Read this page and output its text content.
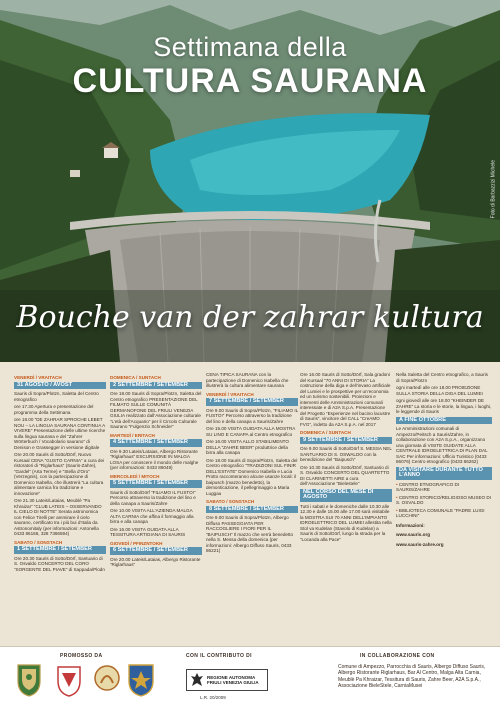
Settimana della
CULTURA SAURANA
Bouche van der zahrar kultura
Foto di Barbazzizi Michele
VENERDÌ / VRAITACH
31 AGOSTO / AVOST
Sauris di Sopra/Plotzn, Saletta del Centro etnografico
ore 17.30 Apertura e presentazione del programma della Settimana
ore 18.00 “DE ZAHRAR SPROCHE LEBET NOU – LA LINGUA SAURANA CONTINUA A VIVERE” Presentazione delle ultime ricerche sulla lingua saurana e del “Zahrer Wörterbuch / Vocabolario saurano” di Denison e Grassegger in versione digitale
Ore 20.00 Sauris di Sotto/Dörf, Nuovo Kursaal CENA “GUSTO CARNIA” a cura dei ristoratori di “Riglarhaus” (Sauris-Zahre), “Gardel” (Arta Terme) e “Stella d’Oro” (Verzegnis), con la partecipazione di Domenico Isabella, che illustrerà “La cultura alimentare carnica fra tradizione e innovazione”
Ore 21.30 Lateis/Lataias, Meublè “Pa Khraizar” “CLUB LATEIS – OSSERVANDO IL CIELO DI NOTTE” Serata astronomica con Felice Tirelli per ammirare il cielo saurano, certificato tra i più bui d’Italia da Astronomitaly (per informazioni: Antonella 0433 86166, 328 7366594)
SABATO / SONSTACH
1 SETTEMBRE / SETEMBER
Ore 20.30 Sauris di Sotto/Dörf, Santuario di S. Osvaldo CONCERTO DEL CORO “SORGENTE DEL PIAVE” di Sappada/Plodn
DOMENICA / SUNTACH
2 SETTEMBRE / SETEMBER
Ore 18.00 Sauris di Sopra/Plotzn, Saletta del Centro etnografico PRESENTAZIONE DEL FILMATO SULLE COMUNITÀ GERMANOFONE DEL FRIULI VENEZIA GIULIA realizzato dall’Associazione culturale “L’età dell’Acquario” per il Circolo Culturale Saurano “Fulgenzio Schneider”
MARTEDÌ / ERITACH
4 SETTEMBRE / SETEMBER
Ore 9.30 Lateis/Lataias, Albergo Ristorante “Riglarhaus” ESCURSIONE IN MALGA LOSA per conoscere il mondo delle malghe (per informazioni: 0433 86049)
MERCOLEDÌ / MITOCH
5 SETTEMBRE / SETEMBER
Sauris di Sotto/Dörf “FILIAMO IL FUSTO!” Percorso attraverso la tradizione del lino e della canapa a Sauris/Zahre
Ore 10.00 VISITA ALL’AZIENDA MALGA ALTA CARNIA che affina il formaggio alla birra e alla canapa
Ore 16.00 VISITA GUIDATA ALLA TESSITURA ARTIGIANA DI SAURIS
GIOVEDÌ / PFINZNTOKH
6 SETTEMBRE / SETEMBER
Ore 20.00 Lateis/Lataias, Albergo Ristorante “Riglarhaus”
CENA TIPICA SAURANA con la partecipazione di Domenico Isabella che illustrerà la cultura alimentare saurana
VENERDÌ / VRAITACH
7 SETTEMBRE / SETEMBER
Ore 9.00 Sauris di Sopra/Plotzn, “FILIAMO IL FUSTO!” Percorso attraverso la tradizione del lino e della canapa a Sauris/Zahre
Ore 15.00 VISITA GUIDATA ALLA MOSTRA SU LINO E CANAPA al Centro etnografico
Ore 16.00 VISITA ALLO STABILIMENTO DELLA “ZAHRE BEER” produttrice della birra alla canapa
Ore 18.00 Sauris di Sopra/Plotzn, Saletta del Centro etnografico “TRADIZIONI SUL FINIR DELL’ESTATE” Domenico Isabella e Lucia Protto racconteranno alcune usanze locali: il baipusch (mazzo benedetto), la demonticazione, il pellegrinaggio a Maria Luggau
SABATO / SONSTACH
8 SETTEMBRE / SETEMBER
Ore 9.00 Sauris di Sopra/Plotzn, Albergo Diffuso PASSEGGIATA PER RACCOGLIERE I FIORI PER IL “BAIPUSCH” Il mazzo che verrà benedetto nella S. Messa della domenica (per informazioni: Albergo Diffuso Sauris, 0433 86221)
Ore 16.00 Sauris di Sotto/Dörf, Sala gradoni del Kursaal “70 ANNI DI STORIA” La costruzione della diga e dell’invaso artificiale del Lumiei e le prospettive per un’economia ed un turismo sostenibili. Proiezioni e interventi delle Amministrazioni comunali interessate e di A2A S.p.A. Presentazione del Progetto “Esperienze nel bacino lacustre di Sauris”, vincitore del CALL “CreAMO FVG”, indetto da A2A S.p.A. nel 2017
DOMENICA / SUNTACH
9 SETTEMBRE / SETEMBER
Ore 9.00 Sauris di Sotto/Dörf S. MESSA NEL SANTUARIO DI S. OSWALDO con la benedizione del “Baipusch”
Ore 10.30 Sauris di Sotto/Dörf, Santuario di S. Osvaldo CONCERTO DEL QUARTETTO DI CLARINETTI AIRE a cura dell’Associazione “Bielestele”
NEL CORSO DEL MESE DI AGOSTO
Tutti i sabati e le domeniche dalle 10.30 alle 12.30 e dalle 15.00 alle 17.00 sarà visitabile la MOSTRA SUI 70 ANNI DELL’IMPIANTO IDROELETTRICO DEL LUMIEI allestita nella Stol va Kudelan (Stavolo di Kudelan) a Sauris di Sotto/Dörf, lungo la strada per la “Locanda alla Pace”
Nella Saletta del Centro etnografico, a Sauris di Sopra/Plotzn
ogni martedì alle ore 18.00 PROIEZIONE SULLA STORIA DELLA DIGA DEL LUMIEI
ogni giovedì alle ore 18.00 “KHEINDER DE ZAHRE” La storia e le storie, la lingua, i luoghi, le leggende di Sauris
A FINE OTTOBRE
Le Amministrazioni comunali di Ampezzo/Peitsch a Sauris/Zahre, in collaborazione con A2A S.p.A., organizzano una giornata di VISITE GUIDATE ALLA CENTRALE IDROELETTRICA DI PLAN DAL SAC Per informazioni: Ufficio Turistico (0433 86076) Centro etnografico (0433 86262)
DA VISITARE DURANTE TUTTO L’ANNO
• CENTRO ETNOGRAFICO DI SAURIS/ZAHRE
• CENTRO STORICO/RELIGIOSO MUSEO DI S. OSVALDO
• BIBLIOTECA COMUNALE “PADRE LUIGI LUCCHINI”
Informazioni:
www.sauris.org
www.sauris-zahre.org
PROMOSSO DA	CON IL CONTRIBUTO DI	IN COLLABORAZIONE CON
REGIONE AUTONOMA
FRIULI VENEZIA GIULIA
L.R. 20/2009
Comune di Ampezzo, Parrocchia di Sauris, Albergo Diffuso Sauris, Albergo Ristorante Riglarhaus, Bar Al Centro, Malga Alta Carnia, Meublè Pa Khraizar, Tessitura di Sauris, Zahre Beer, A2A S.p.A., Associazione BieleStele, CarniaMusei
